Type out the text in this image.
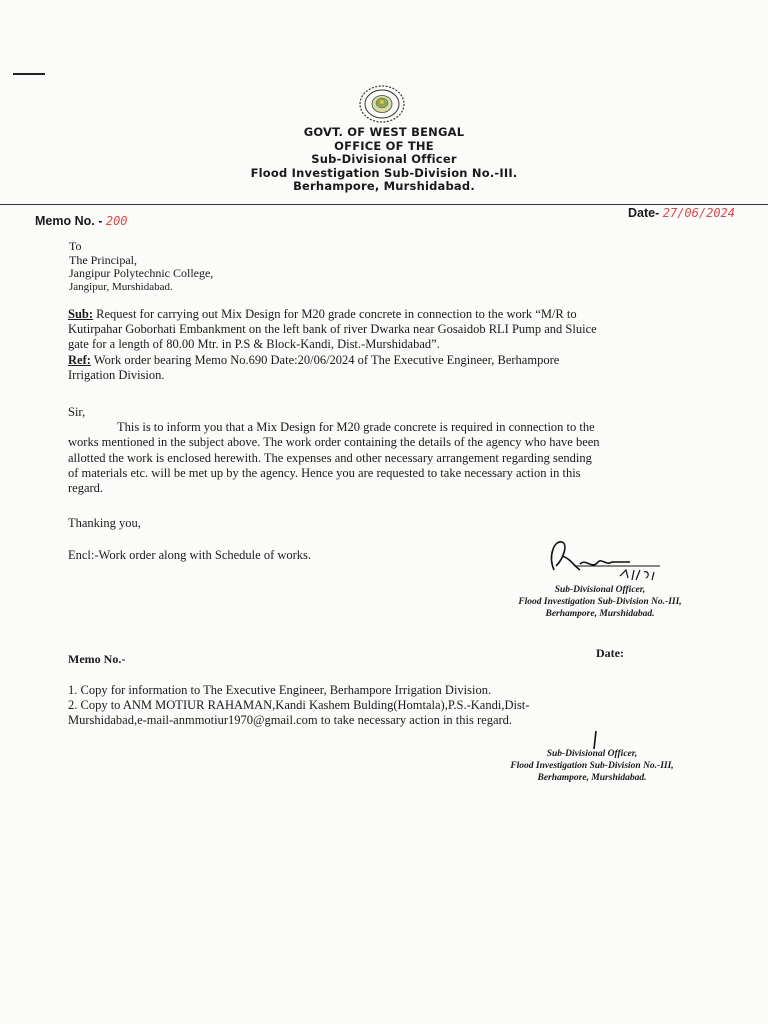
GOVT. OF WEST BENGAL
OFFICE OF THE
Sub-Divisional Officer
Flood Investigation Sub-Division No.-III.
Berhampore, Murshidabad.
Memo No. - 200
Date- 27/06/2024
To
The Principal,
Jangipur Polytechnic College,
Jangipur, Murshidabad.
Sub: Request for carrying out Mix Design for M20 grade concrete in connection to the work “M/R to
Kutirpahar Goborhati Embankment on the left bank of river Dwarka near Gosaidob RLI Pump and Sluice
gate for a length of 80.00 Mtr. in P.S & Block-Kandi, Dist.-Murshidabad”.
Ref: Work order bearing Memo No.690 Date:20/06/2024 of The Executive Engineer, Berhampore
Irrigation Division.
Sir,
This is to inform you that a Mix Design for M20 grade concrete is required in connection to the
works mentioned in the subject above. The work order containing the details of the agency who have been
allotted the work is enclosed herewith. The expenses and other necessary arrangement regarding sending
of materials etc. will be met up by the agency. Hence you are requested to take necessary action in this
regard.
Thanking you,
Encl:-Work order along with Schedule of works.
Sub-Divisional Officer,
Flood Investigation Sub-Division No.-III,
Berhampore, Murshidabad.
Memo No.-	Date:
1. Copy for information to The Executive Engineer, Berhampore Irrigation Division.
2. Copy to ANM MOTIUR RAHAMAN,Kandi Kashem Bulding(Homtala),P.S.-Kandi,Dist-
Murshidabad,e-mail-anmmotiur1970@gmail.com to take necessary action in this regard.
Sub-Divisional Officer,
Flood Investigation Sub-Division No.-III,
Berhampore, Murshidabad.
